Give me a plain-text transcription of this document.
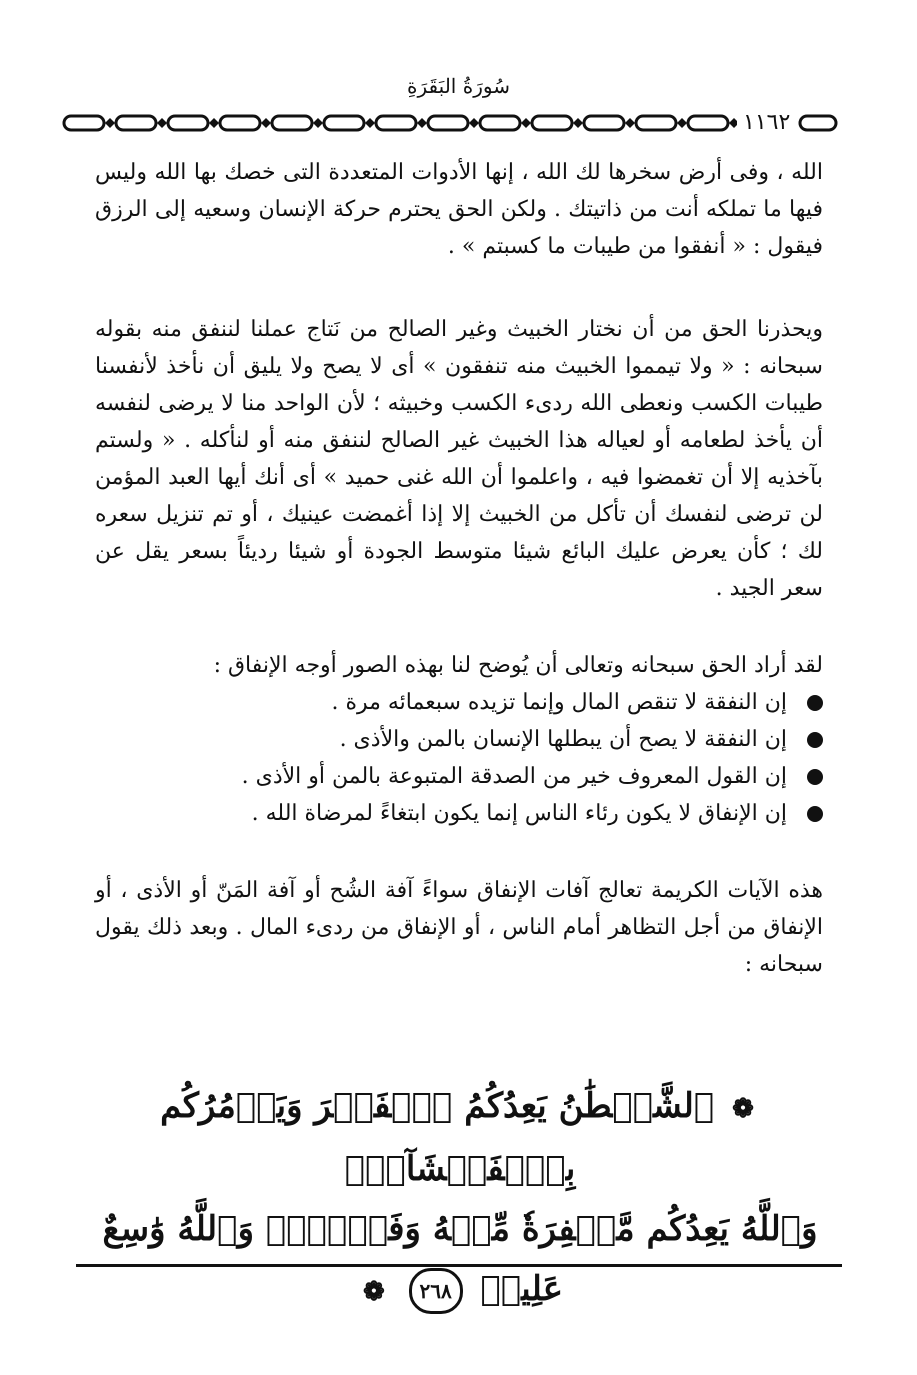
سُورَةُ البَقَرَةِ
١١٦٢

الله ، وفى أرض سخرها لك الله ، إنها الأدوات المتعددة التى خصك بها الله وليس فيها ما تملكه أنت من ذاتيتك . ولكن الحق يحترم حركة الإنسان وسعيه إلى الرزق فيقول : « أنفقوا من طيبات ما كسبتم » .

ويحذرنا الحق من أن نختار الخبيث وغير الصالح من نَتاج عملنا لننفق منه بقوله سبحانه : « ولا تيمموا الخبيث منه تنفقون » أى لا يصح ولا يليق أن نأخذ لأنفسنا طيبات الكسب ونعطى الله ردىء الكسب وخبيثه ؛ لأن الواحد منا لا يرضى لنفسه أن يأخذ لطعامه أو لعياله هذا الخبيث غير الصالح لننفق منه أو لنأكله . « ولستم بآخذيه إلا أن تغمضوا فيه ، واعلموا أن الله غنى حميد » أى أنك أيها العبد المؤمن لن ترضى لنفسك أن تأكل من الخبيث إلا إذا أغمضت عينيك ، أو تم تنزيل سعره لك ؛ كأن يعرض عليك البائع شيئا متوسط الجودة أو شيئا رديئاً بسعر يقل عن سعر الجيد .

لقد أراد الحق سبحانه وتعالى أن يُوضح لنا بهذه الصور أوجه الإنفاق :

إن النفقة لا تنقص المال وإنما تزيده سبعمائه مرة .
إن النفقة لا يصح أن يبطلها الإنسان بالمن والأذى .
إن القول المعروف خير من الصدقة المتبوعة بالمن أو الأذى .
إن الإنفاق لا يكون رئاء الناس إنما يكون ابتغاءً لمرضاة الله .

هذه الآيات الكريمة تعالج آفات الإنفاق سواءً آفة الشُح أو آفة المَنّ أو الأذى ، أو الإنفاق من أجل التظاهر أمام الناس ، أو الإنفاق من ردىء المال . وبعد ذلك يقول سبحانه :

❁ ٱلشَّيۡطَٰنُ يَعِدُكُمُ ٱلۡفَقۡرَ وَيَأۡمُرُكُم بِٱلۡفَحۡشَآءِۖ
وَٱللَّهُ يَعِدُكُم مَّغۡفِرَةٗ مِّنۡهُ وَفَضۡلٗاۗ وَٱللَّهُ وَٰسِعٌ عَلِيمٞ ٢٦٨ ❁
